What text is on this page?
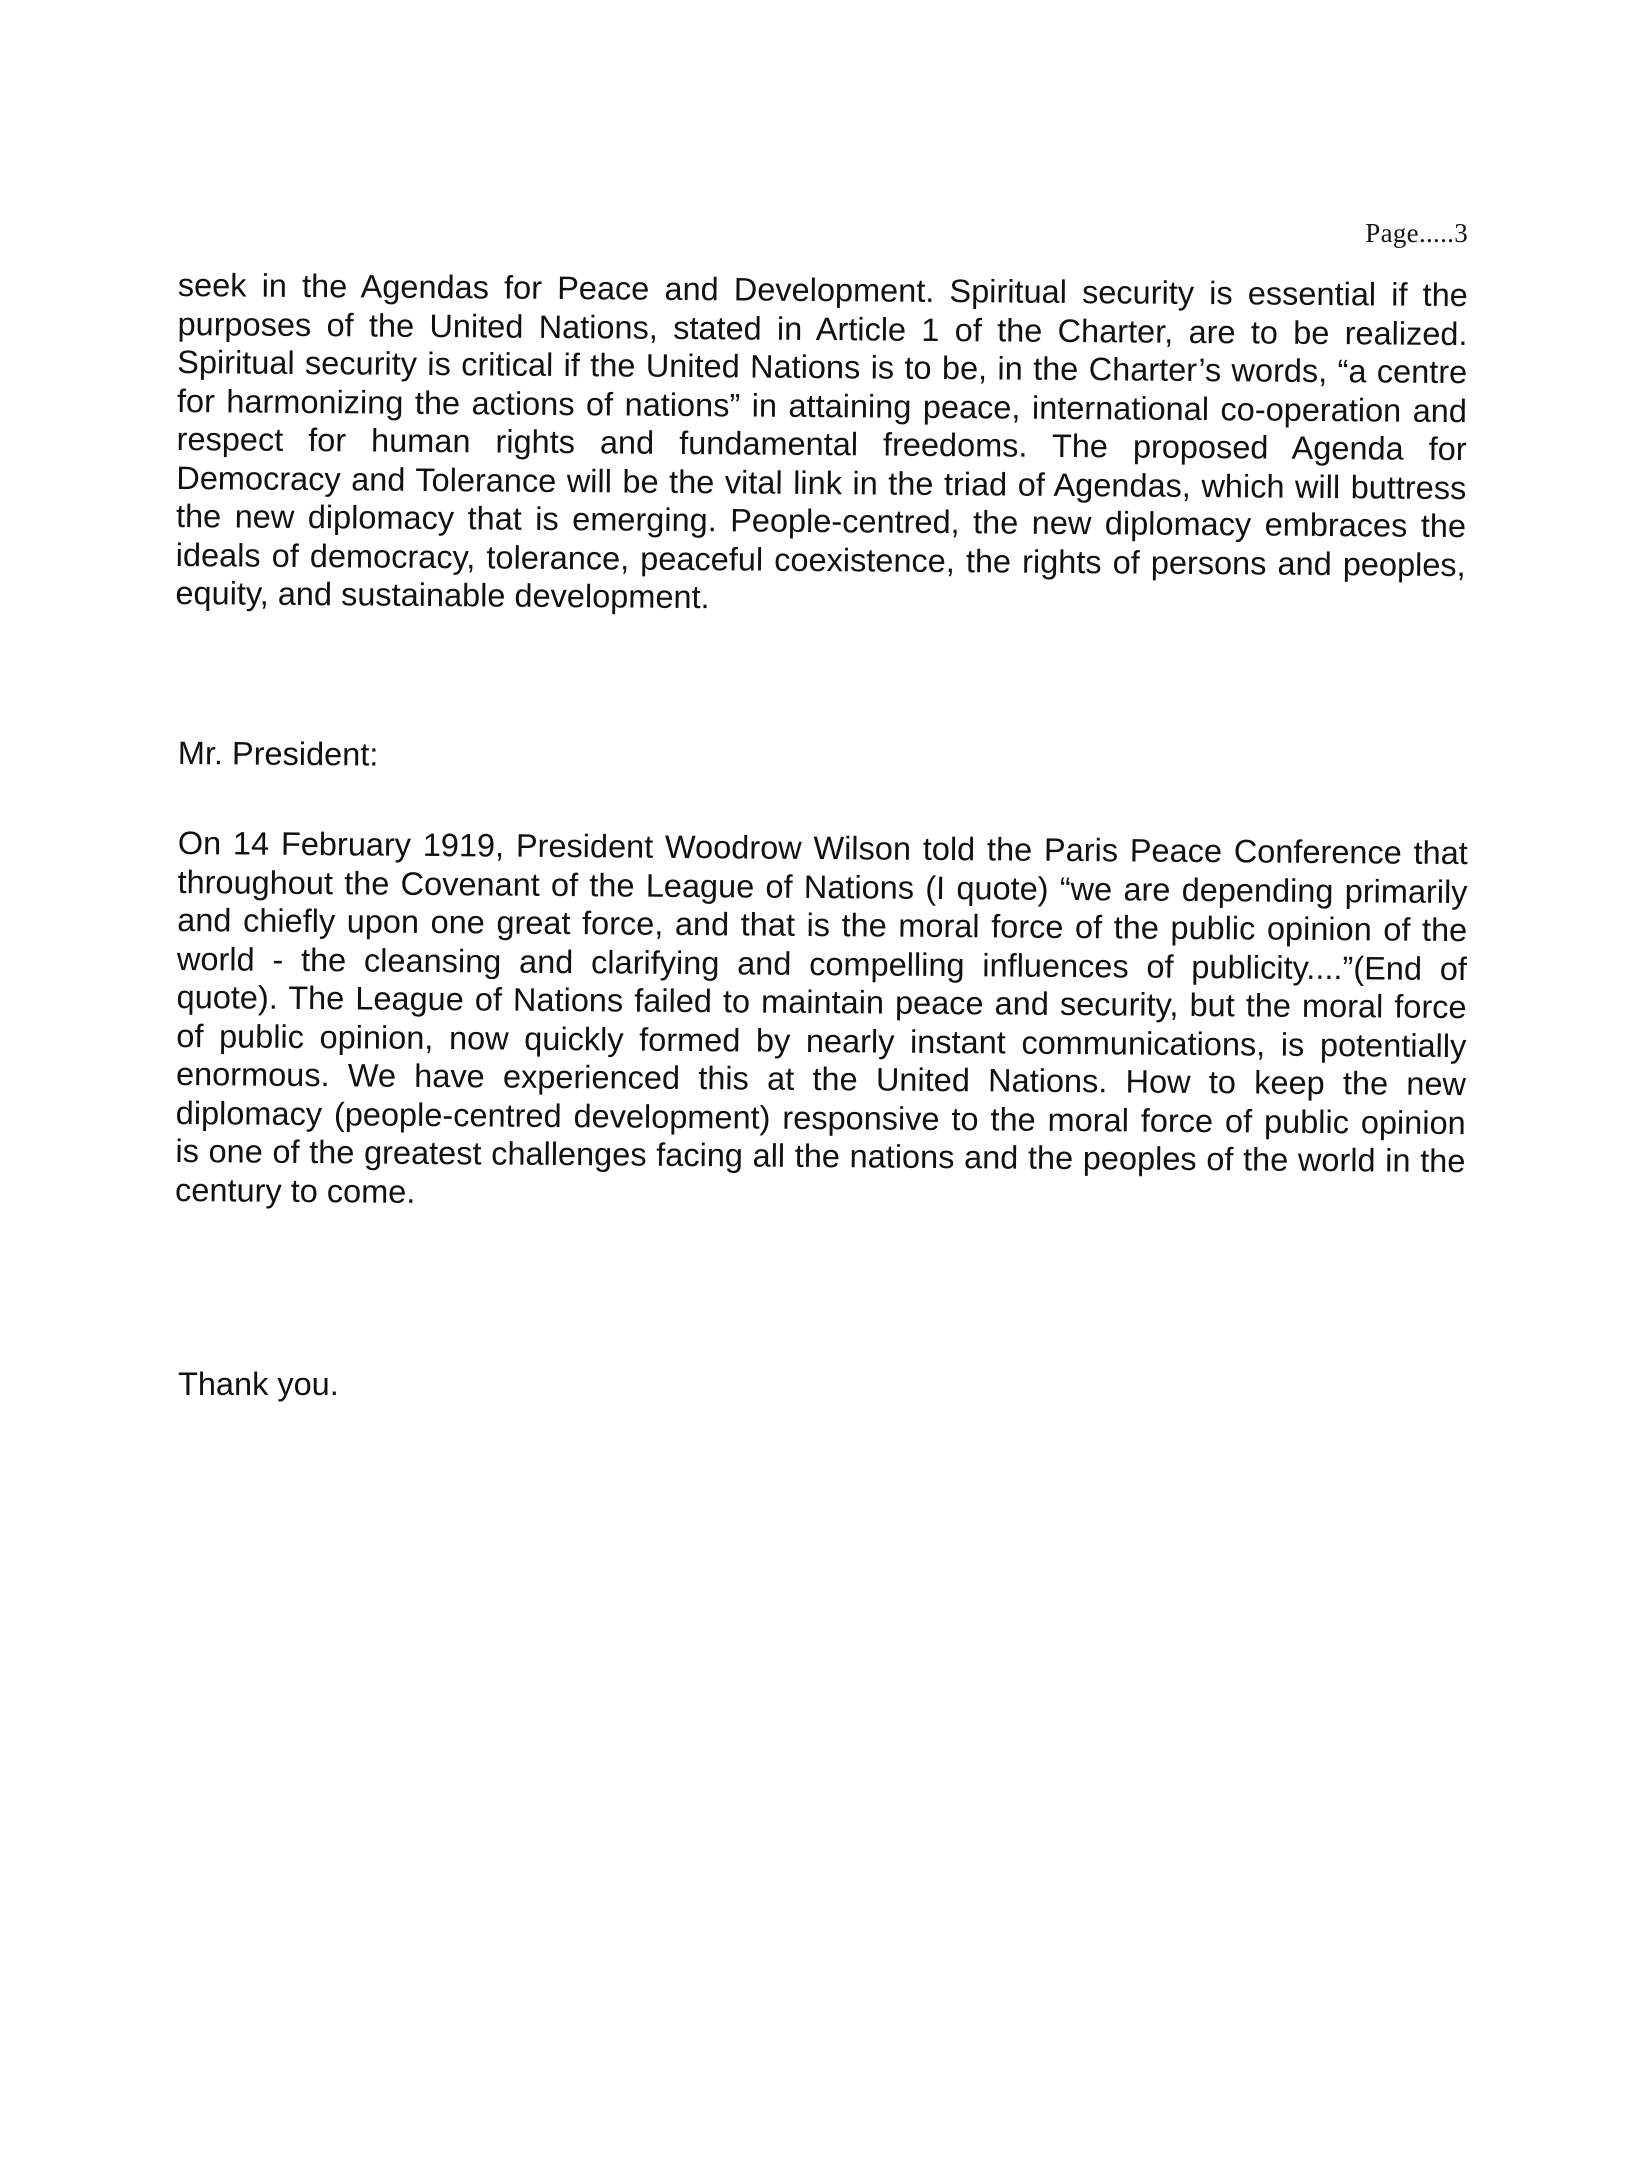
Page.....3

seek in the Agendas for Peace and Development. Spiritual security is essential if the purposes of the United Nations, stated in Article 1 of the Charter, are to be realized. Spiritual security is critical if the United Nations is to be, in the Charter’s words, “a centre for harmonizing the actions of nations” in attaining peace, international co-operation and respect for human rights and fundamental freedoms. The proposed Agenda for Democracy and Tolerance will be the vital link in the triad of Agendas, which will buttress the new diplomacy that is emerging. People-centred, the new diplomacy embraces the ideals of democracy, tolerance, peaceful coexistence, the rights of persons and peoples, equity, and sustainable development.

Mr. President:

On 14 February 1919, President Woodrow Wilson told the Paris Peace Conference that throughout the Covenant of the League of Nations (I quote) “we are depending primarily and chiefly upon one great force, and that is the moral force of the public opinion of the world - the cleansing and clarifying and compelling influences of publicity....”(End of quote). The League of Nations failed to maintain peace and security, but the moral force of public opinion, now quickly formed by nearly instant communications, is potentially enormous. We have experienced this at the United Nations. How to keep the new diplomacy (people-centred development) responsive to the moral force of public opinion is one of the greatest challenges facing all the nations and the peoples of the world in the century to come.

Thank you.
